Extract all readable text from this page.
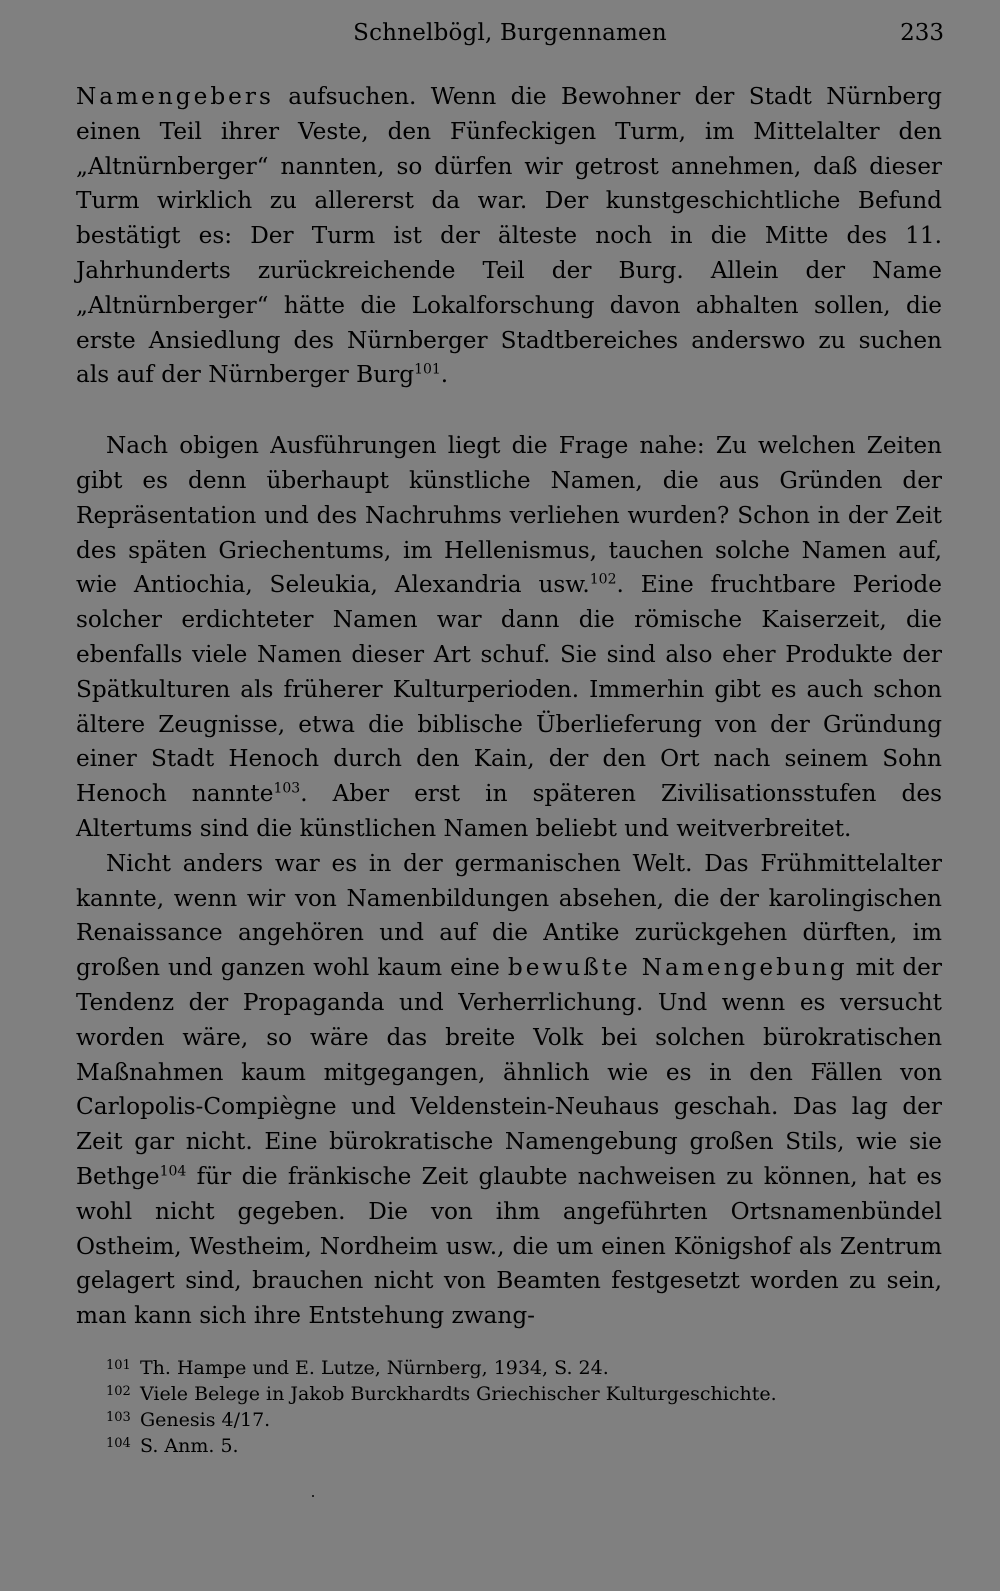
Schnelbögl, Burgennamen	233

Namengebers aufsuchen. Wenn die Bewohner der Stadt Nürnberg einen Teil ihrer Veste, den Fünfeckigen Turm, im Mittelalter den „Altnürnberger“ nannten, so dürfen wir getrost annehmen, daß dieser Turm wirklich zu allererst da war. Der kunstgeschichtliche Befund bestätigt es: Der Turm ist der älteste noch in die Mitte des 11. Jahrhunderts zurückreichende Teil der Burg. Allein der Name „Altnürnberger“ hätte die Lokalforschung davon abhalten sollen, die erste Ansiedlung des Nürnberger Stadtbereiches anderswo zu suchen als auf der Nürnberger Burg$^{101}$.

Nach obigen Ausführungen liegt die Frage nahe: Zu welchen Zeiten gibt es denn überhaupt künstliche Namen, die aus Gründen der Repräsentation und des Nachruhms verliehen wurden? Schon in der Zeit des späten Griechentums, im Hellenismus, tauchen solche Namen auf, wie Antiochia, Seleukia, Alexandria usw.$^{102}$. Eine fruchtbare Periode solcher erdichteter Namen war dann die römische Kaiserzeit, die ebenfalls viele Namen dieser Art schuf. Sie sind also eher Produkte der Spätkulturen als früherer Kulturperioden. Immerhin gibt es auch schon ältere Zeugnisse, etwa die biblische Überlieferung von der Gründung einer Stadt Henoch durch den Kain, der den Ort nach seinem Sohn Henoch nannte$^{103}$. Aber erst in späteren Zivilisationsstufen des Altertums sind die künstlichen Namen beliebt und weitverbreitet.

Nicht anders war es in der germanischen Welt. Das Frühmittelalter kannte, wenn wir von Namenbildungen absehen, die der karolingischen Renaissance angehören und auf die Antike zurückgehen dürften, im großen und ganzen wohl kaum eine bewußte Namengebung mit der Tendenz der Propaganda und Verherrlichung. Und wenn es versucht worden wäre, so wäre das breite Volk bei solchen bürokratischen Maßnahmen kaum mitgegangen, ähnlich wie es in den Fällen von Carlopolis-Compiègne und Veldenstein-Neuhaus geschah. Das lag der Zeit gar nicht. Eine bürokratische Namengebung großen Stils, wie sie Bethge$^{104}$ für die fränkische Zeit glaubte nachweisen zu können, hat es wohl nicht gegeben. Die von ihm angeführten Ortsnamenbündel Ostheim, Westheim, Nordheim usw., die um einen Königshof als Zentrum gelagert sind, brauchen nicht von Beamten festgesetzt worden zu sein, man kann sich ihre Entstehung zwang-

101 Th. Hampe und E. Lutze, Nürnberg, 1934, S. 24.

102 Viele Belege in Jakob Burckhardts Griechischer Kulturgeschichte.

103 Genesis 4/17.

104 S. Anm. 5.
